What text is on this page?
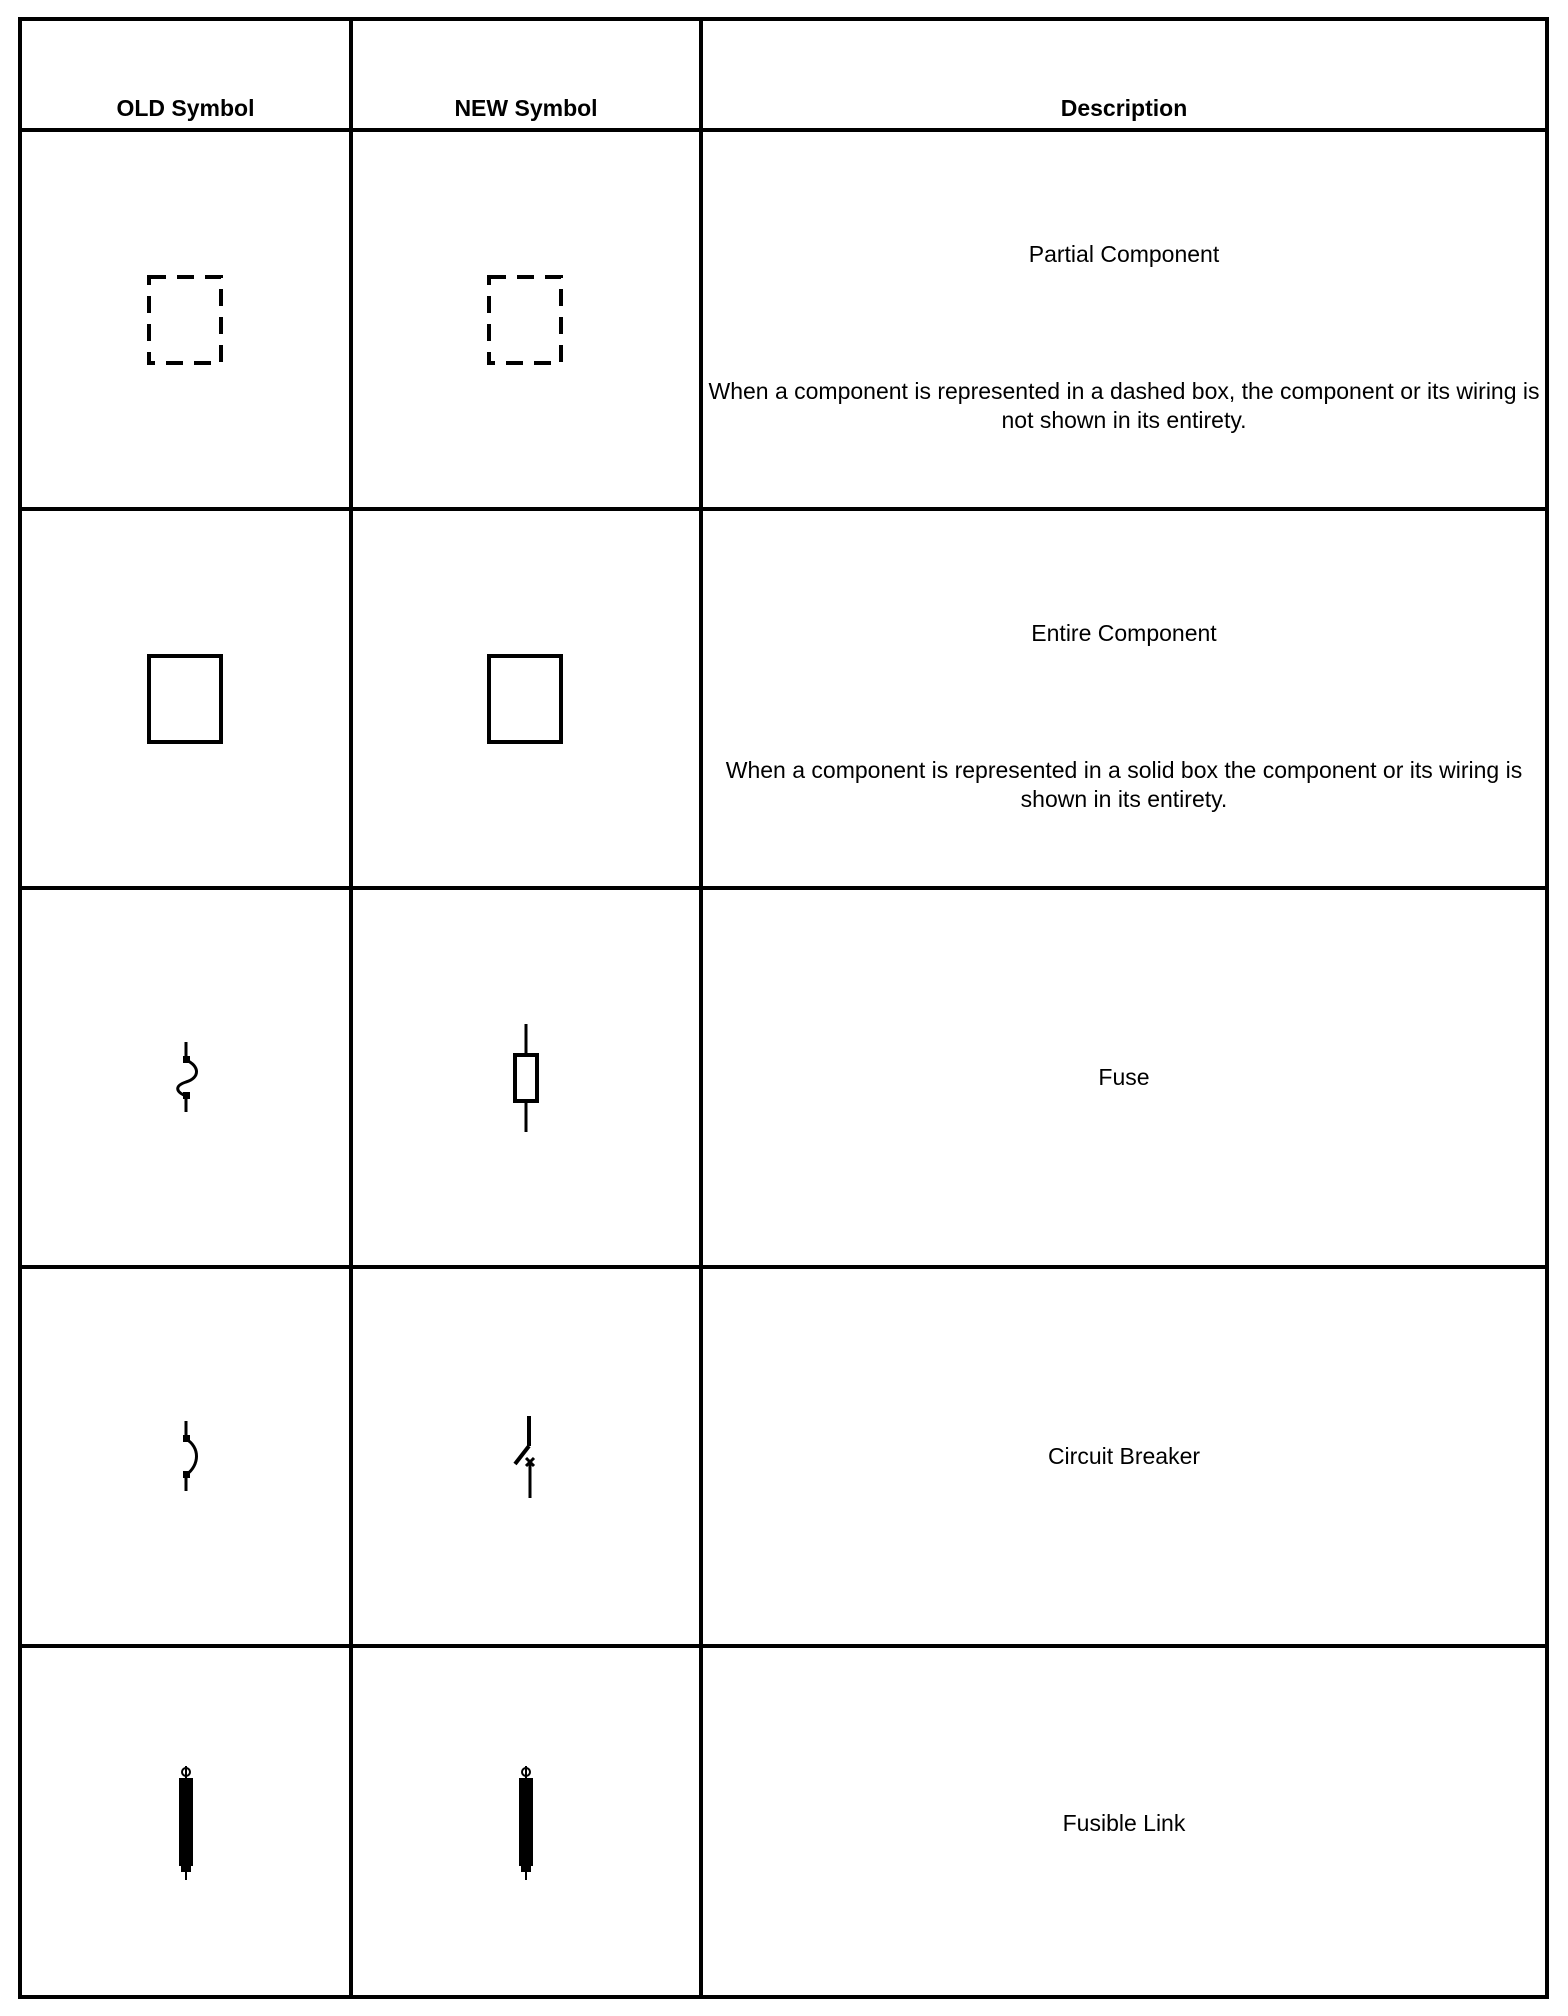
OLD Symbol	NEW Symbol	Description
Partial Component
When a component is represented in a dashed box, the component or its wiring is not shown in its entirety.
Entire Component
When a component is represented in a solid box the component or its wiring is shown in its entirety.
Fuse
Circuit Breaker
Fusible Link
